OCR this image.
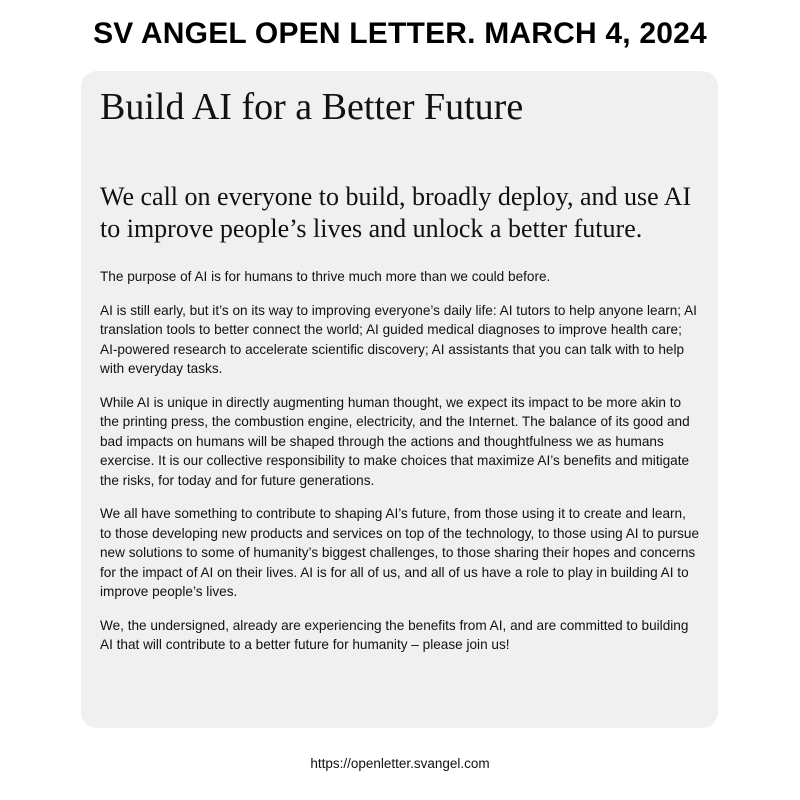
SV ANGEL OPEN LETTER. MARCH 4, 2024
Build AI for a Better Future
We call on everyone to build, broadly deploy, and use AI to improve people’s lives and unlock a better future.

The purpose of AI is for humans to thrive much more than we could before.

AI is still early, but it’s on its way to improving everyone’s daily life: AI tutors to help anyone learn; AI translation tools to better connect the world; AI guided medical diagnoses to improve health care; AI-powered research to accelerate scientific discovery; AI assistants that you can talk with to help with everyday tasks.

While AI is unique in directly augmenting human thought, we expect its impact to be more akin to the printing press, the combustion engine, electricity, and the Internet. The balance of its good and bad impacts on humans will be shaped through the actions and thoughtfulness we as humans exercise. It is our collective responsibility to make choices that maximize AI’s benefits and mitigate the risks, for today and for future generations.

We all have something to contribute to shaping AI’s future, from those using it to create and learn, to those developing new products and services on top of the technology, to those using AI to pursue new solutions to some of humanity’s biggest challenges, to those sharing their hopes and concerns for the impact of AI on their lives. AI is for all of us, and all of us have a role to play in building AI to improve people’s lives.

We, the undersigned, already are experiencing the benefits from AI, and are committed to building AI that will contribute to a better future for humanity – please join us!

https://openletter.svangel.com
